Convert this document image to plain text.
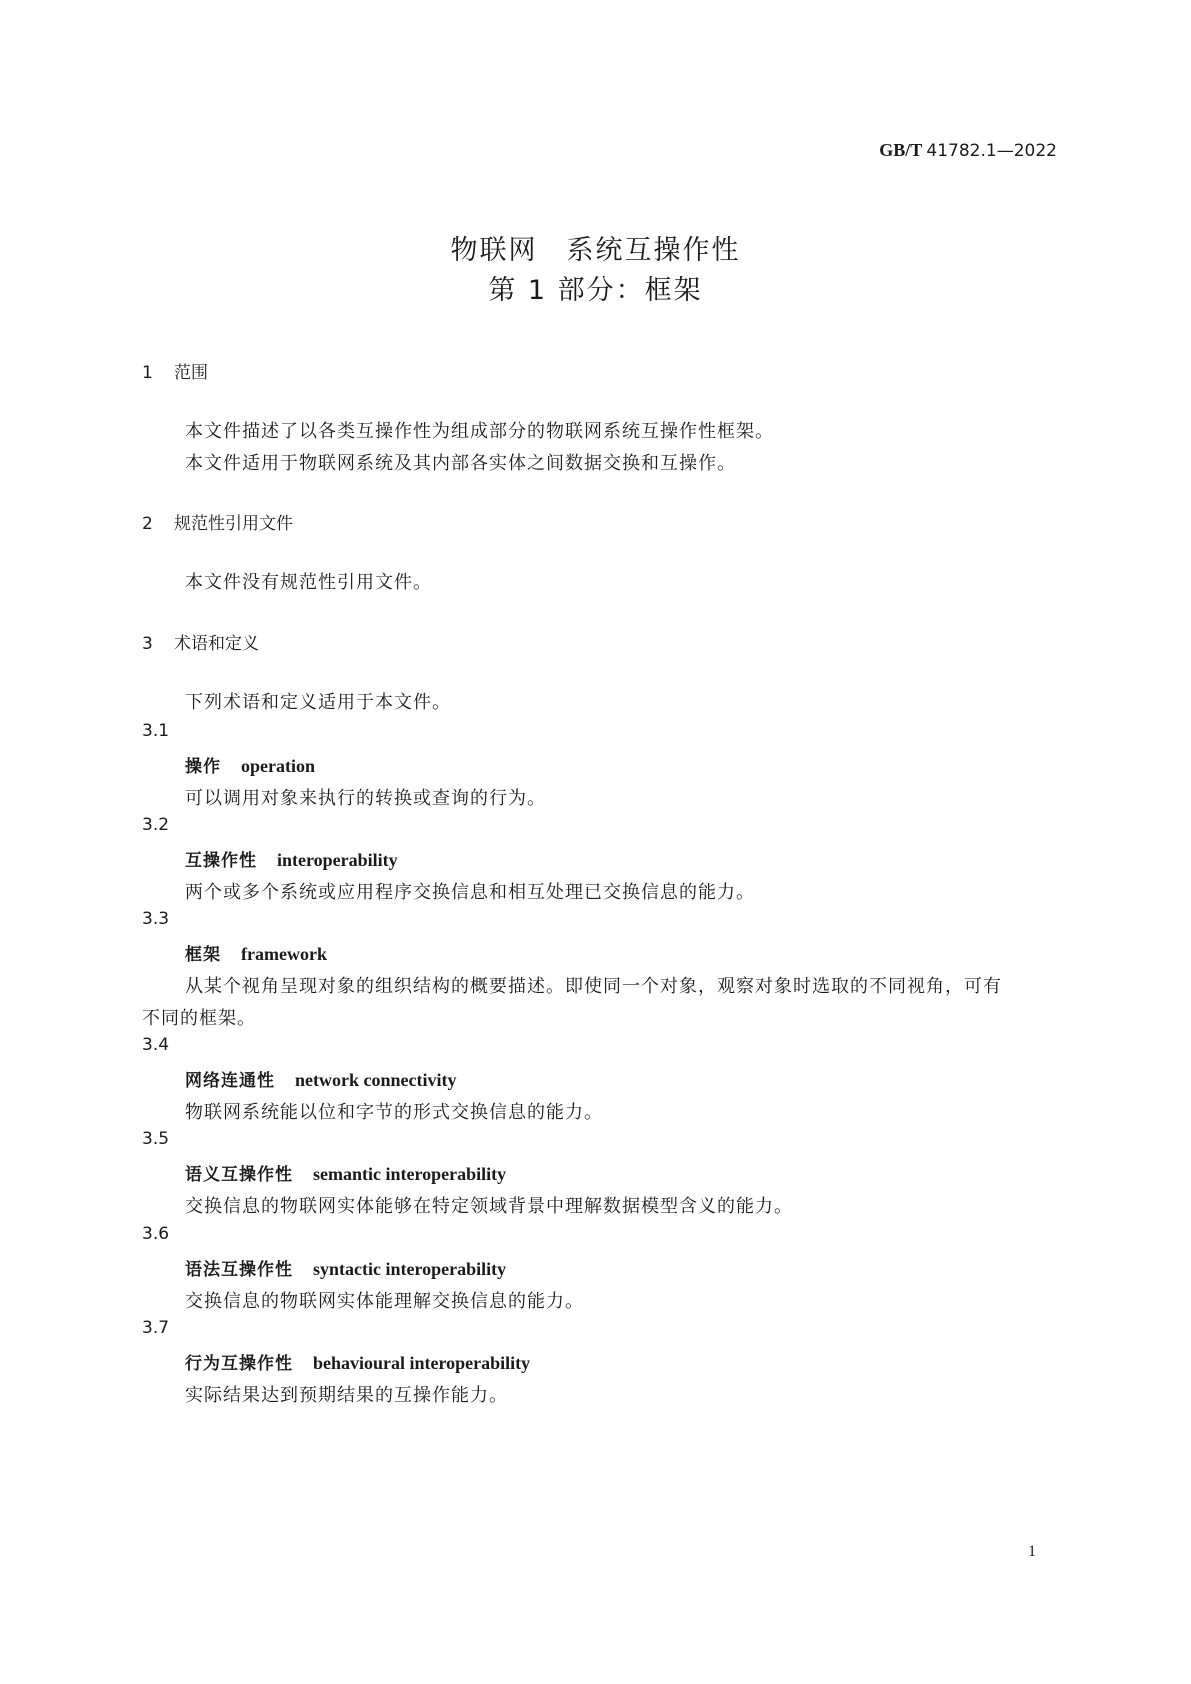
GB/T 41782.1—2022
物联网　系统互操作性
第 1 部分：框架
1 范围
本文件描述了以各类互操作性为组成部分的物联网系统互操作性框架。
本文件适用于物联网系统及其内部各实体之间数据交换和互操作。
2 规范性引用文件
本文件没有规范性引用文件。
3 术语和定义
下列术语和定义适用于本文件。
3.1
操作 operation
可以调用对象来执行的转换或查询的行为。
3.2
互操作性 interoperability
两个或多个系统或应用程序交换信息和相互处理已交换信息的能力。
3.3
框架 framework
从某个视角呈现对象的组织结构的概要描述。即使同一个对象，观察对象时选取的不同视角，可有
不同的框架。
3.4
网络连通性 network connectivity
物联网系统能以位和字节的形式交换信息的能力。
3.5
语义互操作性 semantic interoperability
交换信息的物联网实体能够在特定领域背景中理解数据模型含义的能力。
3.6
语法互操作性 syntactic interoperability
交换信息的物联网实体能理解交换信息的能力。
3.7
行为互操作性 behavioural interoperability
实际结果达到预期结果的互操作能力。
1
